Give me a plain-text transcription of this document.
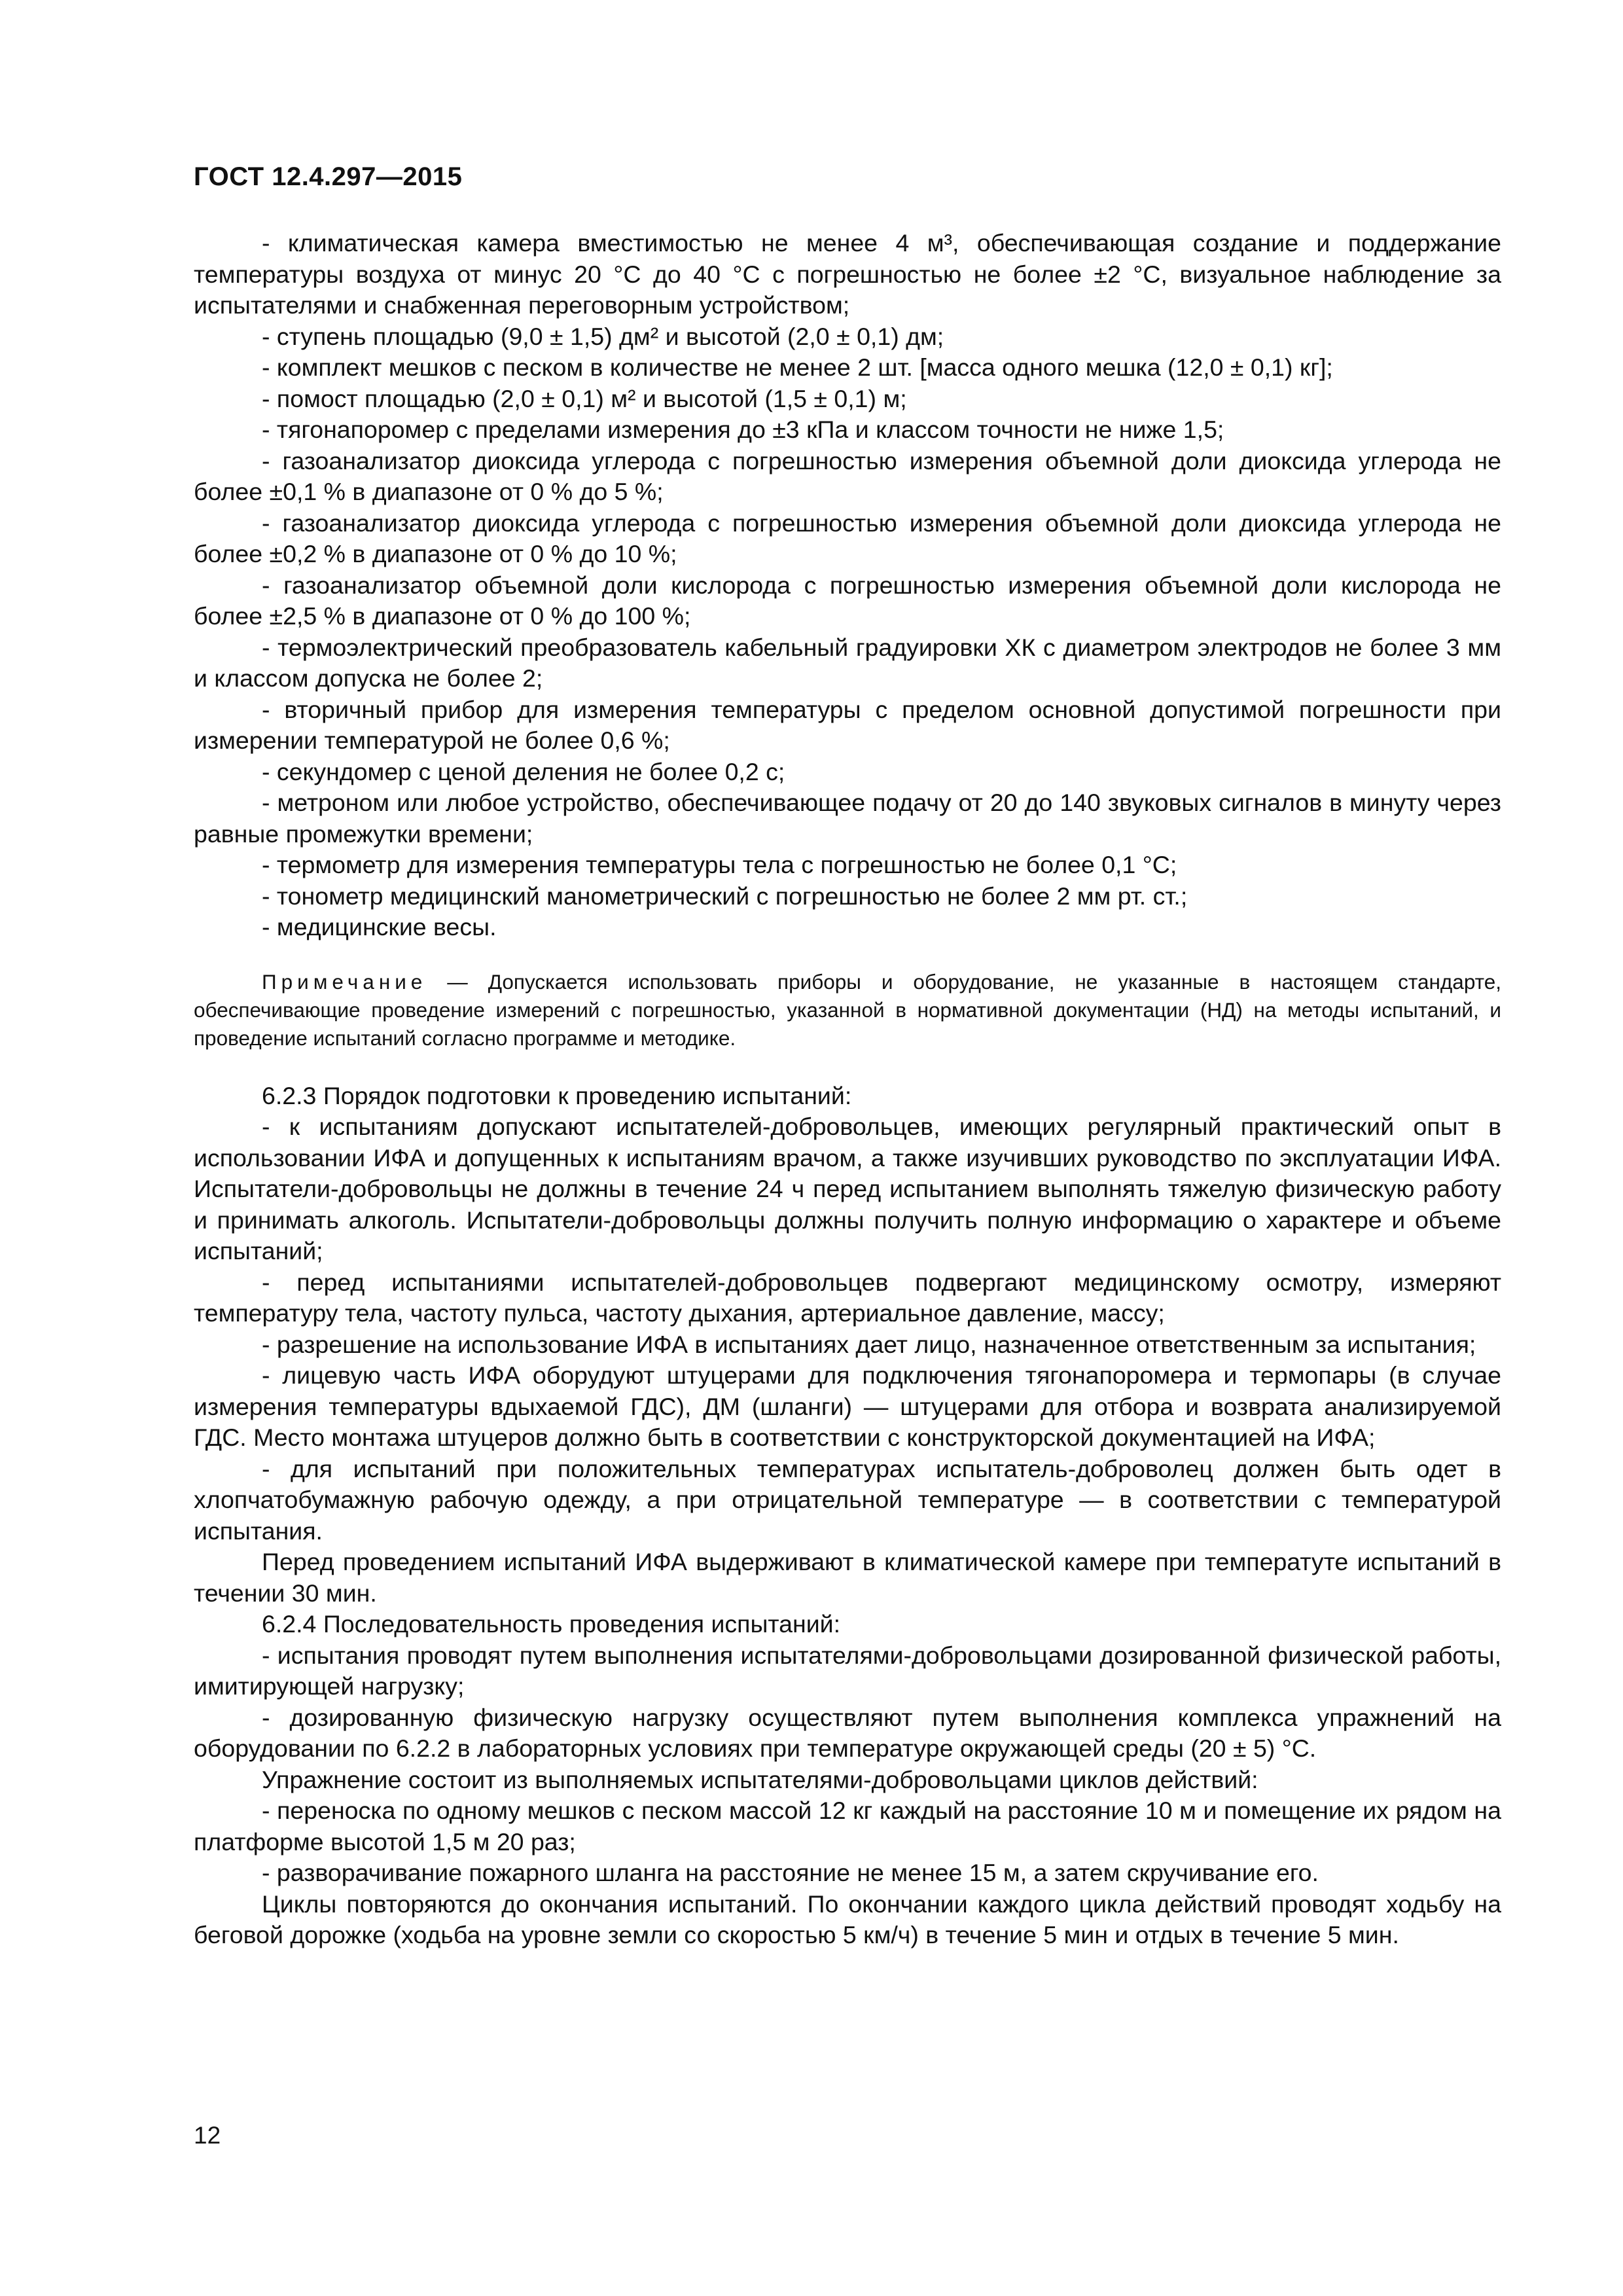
ГОСТ 12.4.297—2015

- климатическая камера вместимостью не менее 4 м³, обеспечивающая создание и поддержание температуры воздуха от минус 20 °С до 40 °С с погрешностью не более ±2 °С, визуальное наблюдение за испытателями и снабженная переговорным устройством;

- ступень площадью (9,0 ± 1,5) дм² и высотой (2,0 ± 0,1) дм;

- комплект мешков с песком в количестве не менее 2 шт. [масса одного мешка (12,0 ± 0,1) кг];

- помост площадью (2,0 ± 0,1) м² и высотой (1,5 ± 0,1) м;

- тягонапоромер с пределами измерения до ±3 кПа и классом точности не ниже 1,5;

- газоанализатор диоксида углерода с погрешностью измерения объемной доли диоксида углерода не более ±0,1 % в диапазоне от 0 % до 5 %;

- газоанализатор диоксида углерода с погрешностью измерения объемной доли диоксида углерода не более ±0,2 % в диапазоне от 0 % до 10 %;

- газоанализатор объемной доли кислорода с погрешностью измерения объемной доли кислорода не более ±2,5 % в диапазоне от 0 % до 100 %;

- термоэлектрический преобразователь кабельный градуировки ХК с диаметром электродов не более 3 мм и классом допуска не более 2;

- вторичный прибор для измерения температуры с пределом основной допустимой погрешности при измерении температурой не более 0,6 %;

- секундомер с ценой деления не более 0,2 с;

- метроном или любое устройство, обеспечивающее подачу от 20 до 140 звуковых сигналов в минуту через равные промежутки времени;

- термометр для измерения температуры тела с погрешностью не более 0,1 °С;

- тонометр медицинский манометрический с погрешностью не более 2 мм рт. ст.;

- медицинские весы.

Примечание — Допускается использовать приборы и оборудование, не указанные в настоящем стандарте, обеспечивающие проведение измерений с погрешностью, указанной в нормативной документации (НД) на методы испытаний, и проведение испытаний согласно программе и методике.

6.2.3 Порядок подготовки к проведению испытаний:

- к испытаниям допускают испытателей-добровольцев, имеющих регулярный практический опыт в использовании ИФА и допущенных к испытаниям врачом, а также изучивших руководство по эксплуатации ИФА. Испытатели-добровольцы не должны в течение 24 ч перед испытанием выполнять тяжелую физическую работу и принимать алкоголь. Испытатели-добровольцы должны получить полную информацию о характере и объеме испытаний;

- перед испытаниями испытателей-добровольцев подвергают медицинскому осмотру, измеряют температуру тела, частоту пульса, частоту дыхания, артериальное давление, массу;

- разрешение на использование ИФА в испытаниях дает лицо, назначенное ответственным за испытания;

- лицевую часть ИФА оборудуют штуцерами для подключения тягонапоромера и термопары (в случае измерения температуры вдыхаемой ГДС), ДМ (шланги) — штуцерами для отбора и возврата анализируемой ГДС. Место монтажа штуцеров должно быть в соответствии с конструкторской документацией на ИФА;

- для испытаний при положительных температурах испытатель-доброволец должен быть одет в хлопчатобумажную рабочую одежду, а при отрицательной температуре — в соответствии с температурой испытания.

Перед проведением испытаний ИФА выдерживают в климатической камере при температуте испытаний в течении 30 мин.

6.2.4 Последовательность проведения испытаний:

- испытания проводят путем выполнения испытателями-добровольцами дозированной физической работы, имитирующей нагрузку;

- дозированную физическую нагрузку осуществляют путем выполнения комплекса упражнений на оборудовании по 6.2.2 в лабораторных условиях при температуре окружающей среды (20 ± 5) °С.

Упражнение состоит из выполняемых испытателями-добровольцами циклов действий:

- переноска по одному мешков с песком массой 12 кг каждый на расстояние 10 м и помещение их рядом на платформе высотой 1,5 м 20 раз;

- разворачивание пожарного шланга на расстояние не менее 15 м, а затем скручивание его.

Циклы повторяются до окончания испытаний. По окончании каждого цикла действий проводят ходьбу на беговой дорожке (ходьба на уровне земли со скоростью 5 км/ч) в течение 5 мин и отдых в течение 5 мин.

12
